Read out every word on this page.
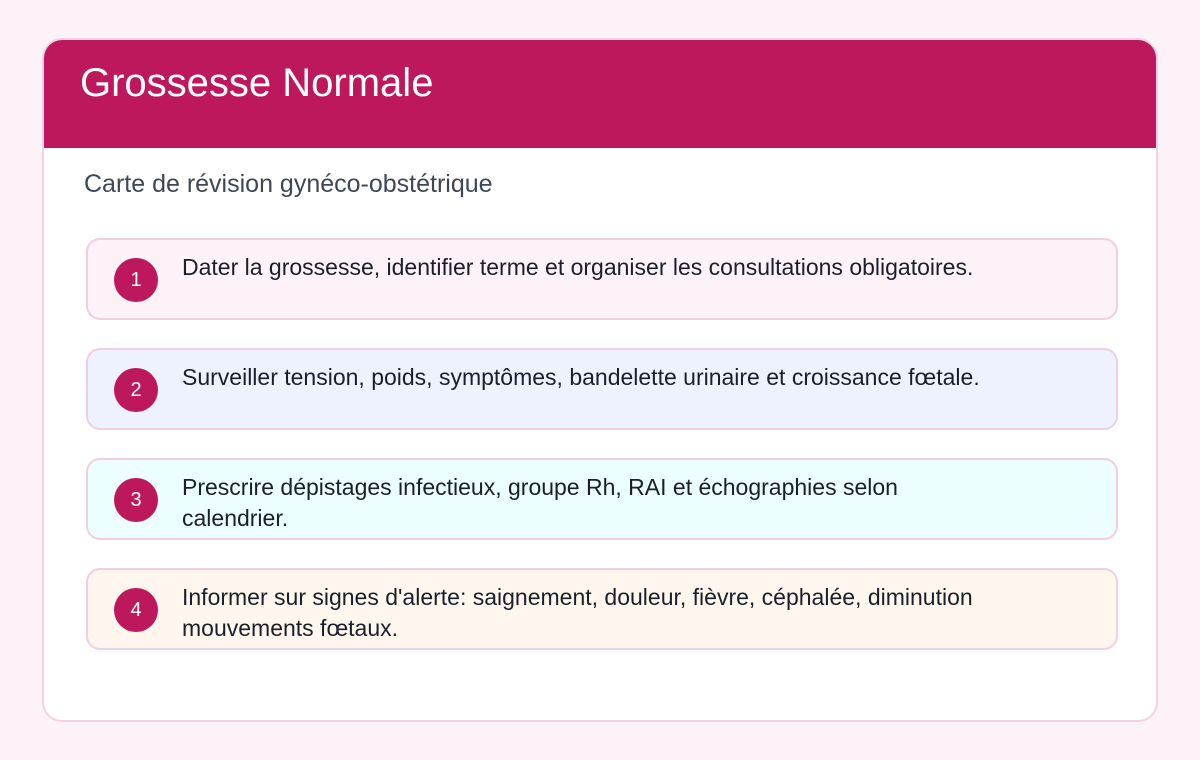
Grossesse Normale
Carte de révision gynéco-obstétrique
1	Dater la grossesse, identifier terme et organiser les consultations obligatoires.
2	Surveiller tension, poids, symptômes, bandelette urinaire et croissance fœtale.
3	Prescrire dépistages infectieux, groupe Rh, RAI et échographies selon calendrier.
4	Informer sur signes d'alerte: saignement, douleur, fièvre, céphalée, diminution mouvements fœtaux.
